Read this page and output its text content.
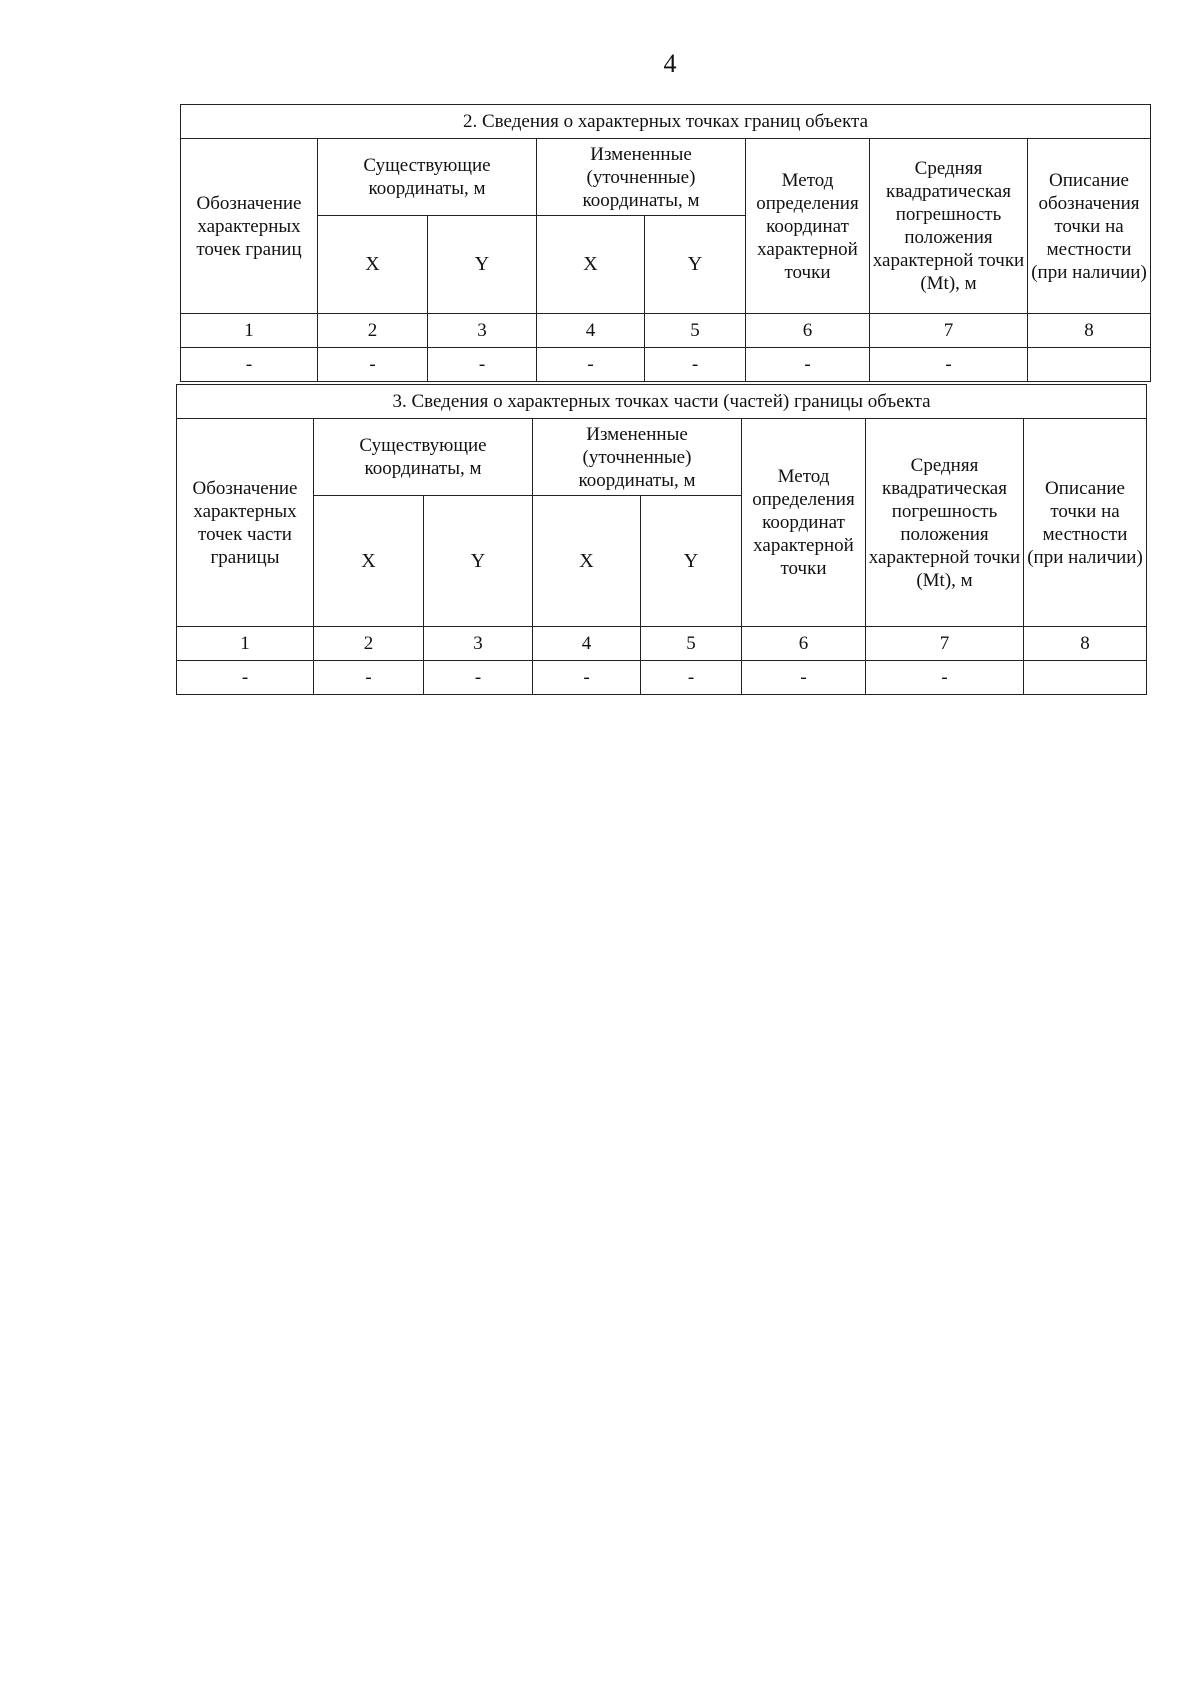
4
2. Сведения о характерных точках границ объекта							
Обозначение характерных точек границ	Существующие координаты, м		Измененные (уточненные) координаты, м		Метод определения координат характерной точки	Средняя квадратическая погрешность положения характерной точки (Mt), м	Описание обозначения точки на местности (при наличии)
	X	Y	X	Y			
1	2	3	4	5	6	7	8
-	-	-	-	-	-	-	
3. Сведения о характерных точках части (частей) границы объекта							
Обозначение характерных точек части границы	Существующие координаты, м		Измененные (уточненные) координаты, м		Метод определения координат характерной точки	Средняя квадратическая погрешность положения характерной точки (Mt), м	Описание точки на местности (при наличии)
	X	Y	X	Y			
1	2	3	4	5	6	7	8
-	-	-	-	-	-	-	
